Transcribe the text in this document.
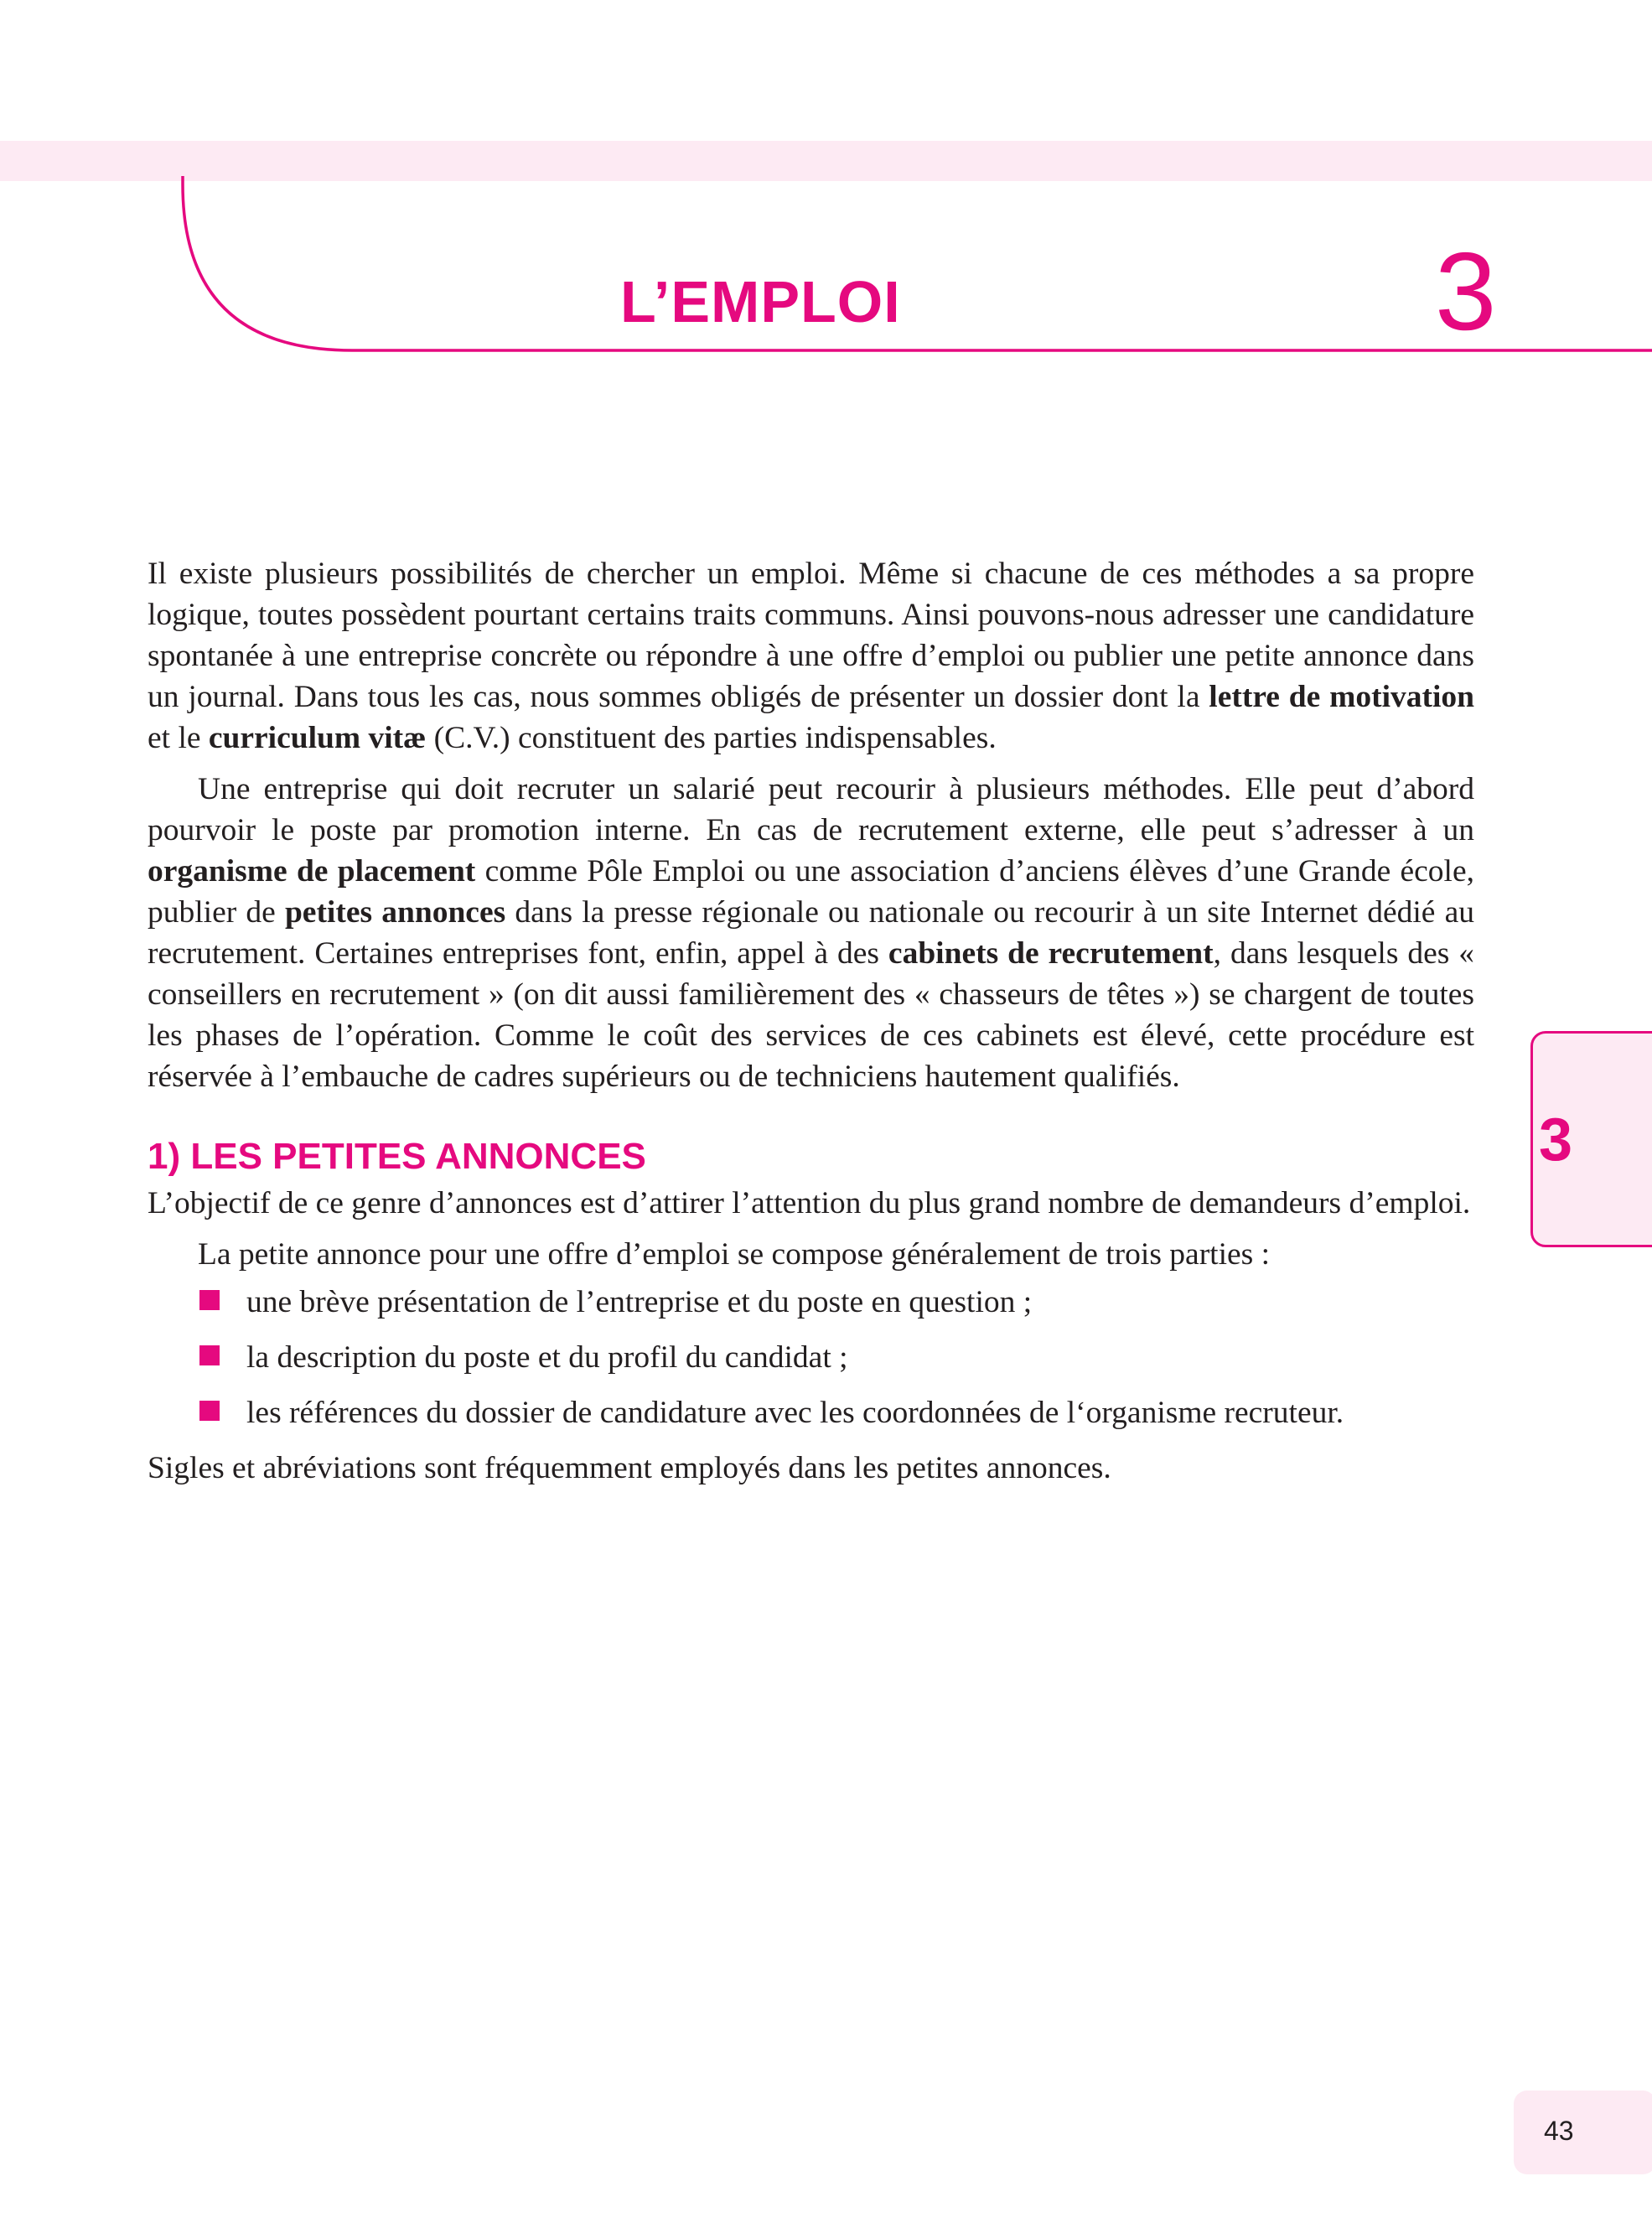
L’EMPLOI	3

Il existe plusieurs possibilités de chercher un emploi. Même si chacune de ces méthodes a sa propre logique, toutes possèdent pourtant certains traits communs. Ainsi pouvons-nous adresser une candidature spontanée à une entreprise concrète ou répondre à une offre d’emploi ou publier une petite annonce dans un journal. Dans tous les cas, nous sommes obligés de présenter un dossier dont la lettre de motivation et le curriculum vitæ (C.V.) constituent des parties indispensables.

Une entreprise qui doit recruter un salarié peut recourir à plusieurs méthodes. Elle peut d’abord pourvoir le poste par promotion interne. En cas de recrutement externe, elle peut s’adresser à un organisme de placement comme Pôle Emploi ou une association d’anciens élèves d’une Grande école, publier de petites annonces dans la presse régionale ou nationale ou recourir à un site Internet dédié au recrutement. Certaines entreprises font, enfin, appel à des cabinets de recrutement, dans lesquels des « conseillers en recrutement » (on dit aussi familièrement des « chasseurs de têtes ») se chargent de toutes les phases de l’opération. Comme le coût des services de ces cabinets est élevé, cette procédure est réservée à l’embauche de cadres supérieurs ou de techniciens hautement qualifiés.

1) LES PETITES ANNONCES

L’objectif de ce genre d’annonces est d’attirer l’attention du plus grand nombre de demandeurs d’emploi.

La petite annonce pour une offre d’emploi se compose généralement de trois parties :

une brève présentation de l’entreprise et du poste en question ;
la description du poste et du profil du candidat ;
les références du dossier de candidature avec les coordonnées de l‘organisme recruteur.

Sigles et abréviations sont fréquemment employés dans les petites annonces.

3
43
